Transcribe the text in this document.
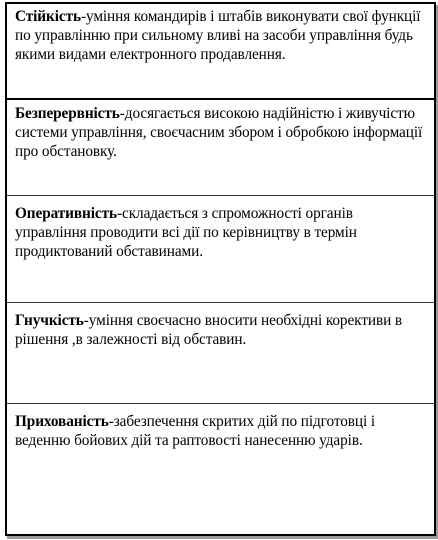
Стійкість-уміння командирів і штабів виконувати свої функції по управлінню при сильному вливі на засоби управління будь якими видами електронного продавлення.
Безперервність-досягається високою надійністю і живучістю системи управління, своєчасним збором і обробкою інформації про обстановку.
Оперативність-складається з спроможності органів управління проводити всі дії по керівництву в термін продиктований обставинами.
Гнучкість-уміння своєчасно вносити необхідні корективи в рішення ,в залежності від обставин.
Прихованість-забезпечення скритих дій по підготовці і веденню бойових дій та раптовості нанесенню ударів.
